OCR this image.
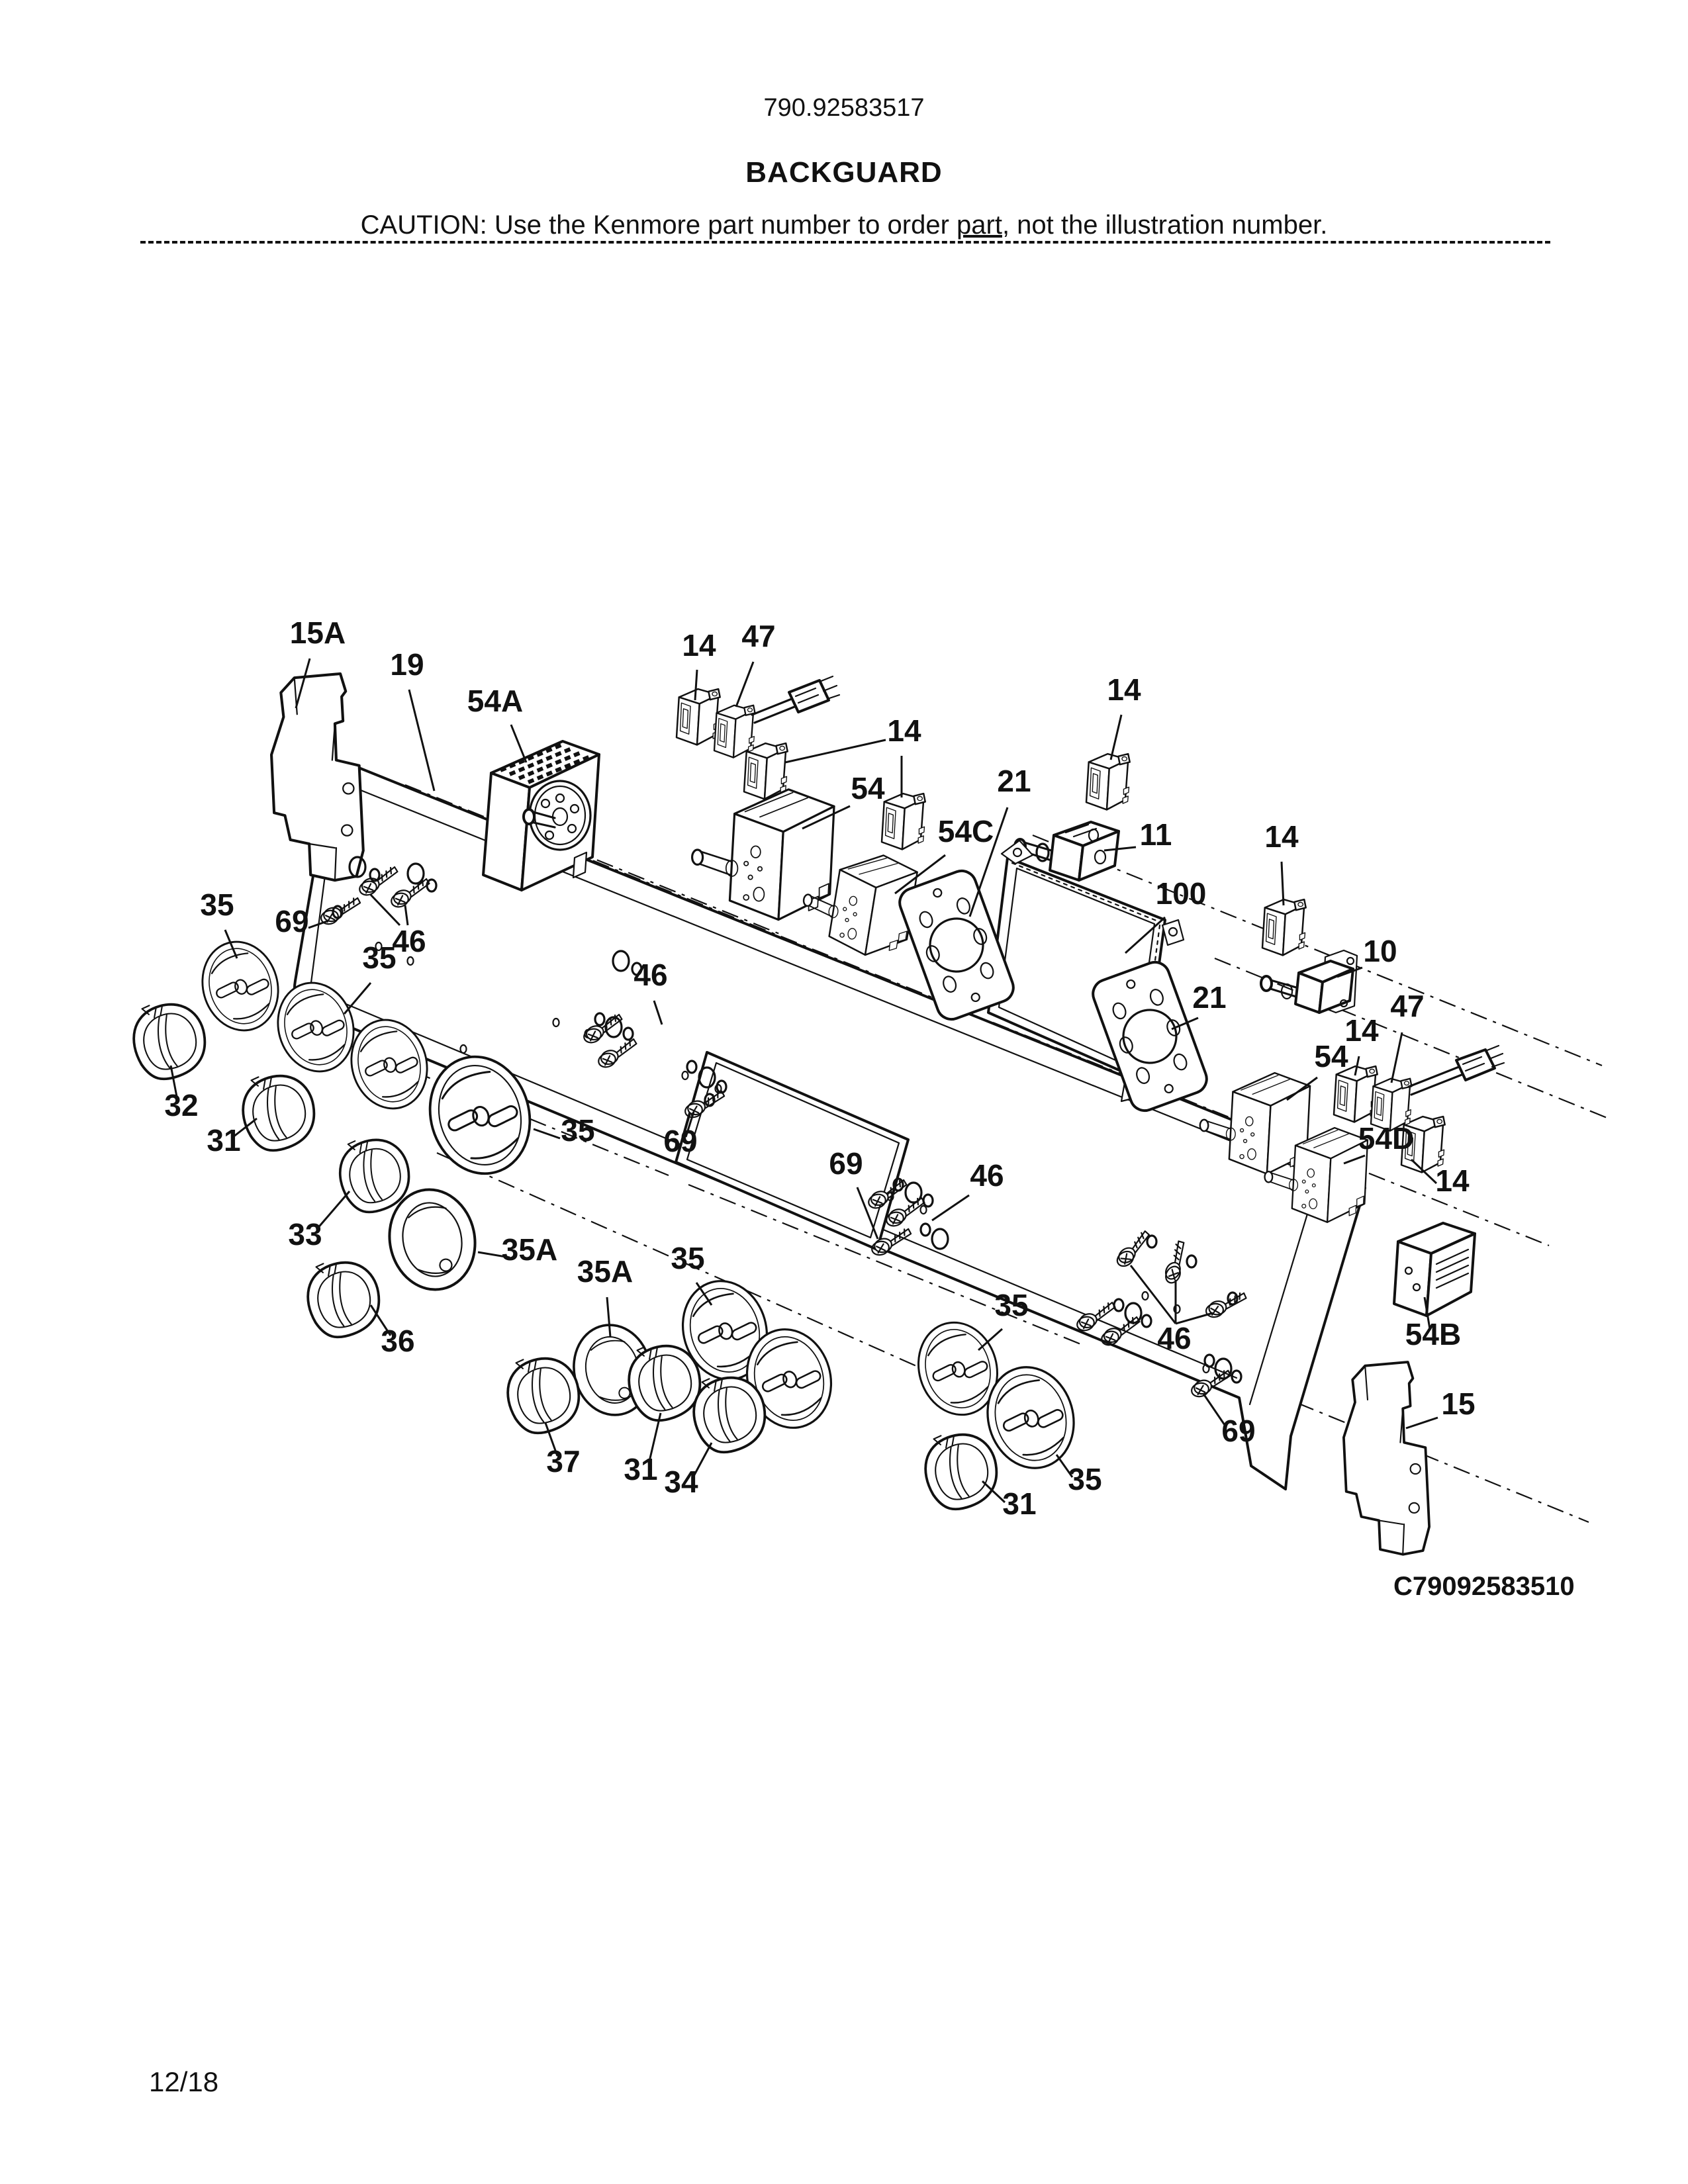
790.92583517
BACKGUARD
CAUTION: Use the Kenmore part number to order part, not the illustration number.
12/18
15A
19
54A
14 47
14
21
54
54C
14
11
100
14
10
21
14
47
54
54D
14
54B
15
35 69
46
35	46
35 69
32
31
33	35A
36
35A 35
37 31 34
35
46
69
35
31
46
69
C79092583510
